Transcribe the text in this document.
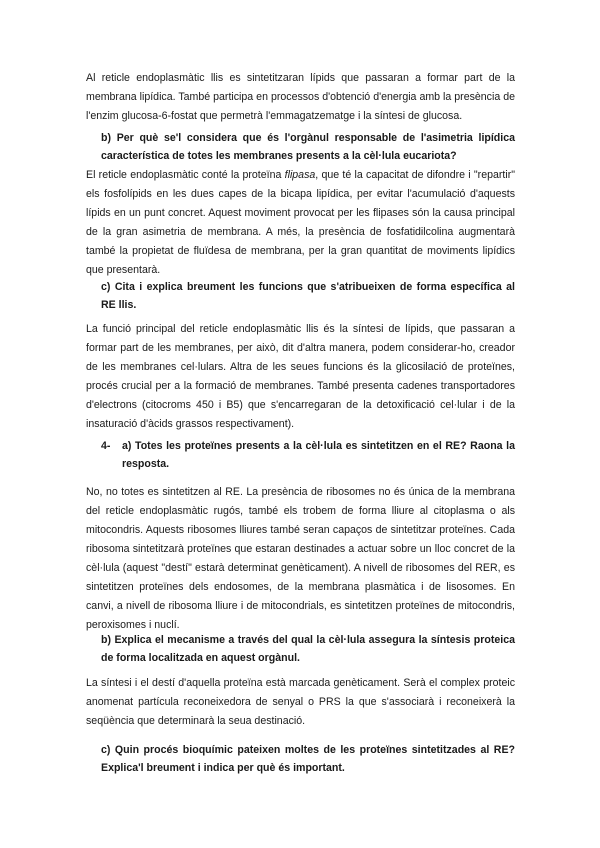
Al reticle endoplasmàtic llis es sintetitzaran lípids que passaran a formar part de la membrana lipídica. També participa en processos d'obtenció d'energia amb la presència de l'enzim glucosa-6-fostat que permetrà l'emmagatzematge i la síntesi de glucosa.

b) Per què se'l considera que és l'orgànul responsable de l'asimetria lipídica característica de totes les membranes presents a la cèl·lula eucariota?

El reticle endoplasmàtic conté la proteïna flipasa, que té la capacitat de difondre i "repartir" els fosfolípids en les dues capes de la bicapa lipídica, per evitar l'acumulació d'aquests lípids en un punt concret. Aquest moviment provocat per les flipases són la causa principal de la gran asimetria de membrana. A més, la presència de fosfatidilcolina augmentarà també la propietat de fluïdesa de membrana, per la gran quantitat de moviments lipídics que presentarà.

c) Cita i explica breument les funcions que s'atribueixen de forma específica al RE llis.

La funció principal del reticle endoplasmàtic llis és la síntesi de lípids, que passaran a formar part de les membranes, per això, dit d'altra manera, podem considerar-ho, creador de les membranes cel·lulars. Altra de les seues funcions és la glicosilació de proteïnes, procés crucial per a la formació de membranes. També presenta cadenes transportadores d'electrons (citocroms 450 i B5) que s'encarregaran de la detoxificació cel·lular i de la insaturació d'àcids grassos respectivament).

4- a) Totes les proteïnes presents a la cèl·lula es sintetitzen en el RE? Raona la resposta.

No, no totes es sintetitzen al RE. La presència de ribosomes no és única de la membrana del reticle endoplasmàtic rugós, també els trobem de forma lliure al citoplasma o als mitocondris. Aquests ribosomes lliures també seran capaços de sintetitzar proteïnes. Cada ribosoma sintetitzarà proteïnes que estaran destinades a actuar sobre un lloc concret de la cèl·lula (aquest "destí" estarà determinat genèticament). A nivell de ribosomes del RER, es sintetitzen proteïnes dels endosomes, de la membrana plasmàtica i de lisosomes. En canvi, a nivell de ribosoma lliure i de mitocondrials, es sintetitzen proteïnes de mitocondris, peroxisomes i nuclí.

b) Explica el mecanisme a través del qual la cèl·lula assegura la síntesis proteica de forma localitzada en aquest orgànul.

La síntesi i el destí d'aquella proteïna està marcada genèticament. Serà el complex proteic anomenat partícula reconeixedora de senyal o PRS la que s'associarà i reconeixerà la seqüència que determinarà la seua destinació.

c) Quin procés bioquímic pateixen moltes de les proteïnes sintetitzades al RE? Explica'l breument i indica per què és important.
